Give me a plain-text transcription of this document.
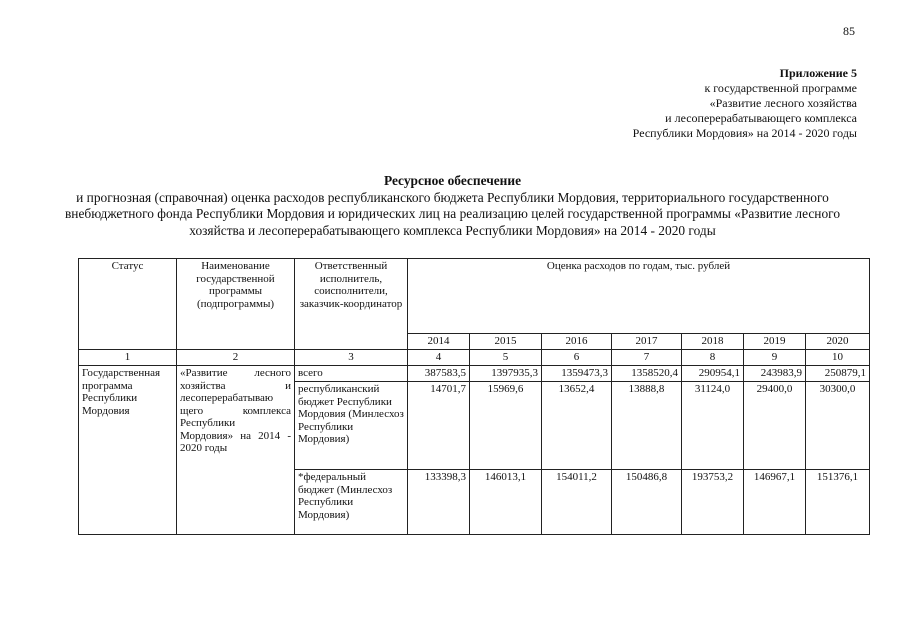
85
Приложение 5
к государственной программе
«Развитие лесного хозяйства
и лесоперерабатывающего комплекса
Республики Мордовия» на 2014 - 2020 годы
Ресурсное обеспечение
и прогнозная (справочная) оценка расходов республиканского бюджета Республики Мордовия, территориального государственного внебюджетного фонда Республики Мордовия и юридических лиц на реализацию целей государственной программы «Развитие лесного хозяйства и лесоперерабатывающего комплекса Республики Мордовия» на 2014 - 2020 годы
Статус	Наименование государственной программы (подпрограммы)	Ответственный исполнитель, соисполнители, заказчик-координатор	Оценка расходов по годам, тыс. рублей						
			2014	2015	2016	2017	2018	2019	2020
1	2	3	4	5	6	7	8	9	10
Государственная программа Республики Мордовия	«Развитие лесного хозяйства и лесоперерабатываю щего комплекса Республики Мордовия» на 2014 - 2020 годы	всего	387583,5	1397935,3	1359473,3	1358520,4	290954,1	243983,9	250879,1
		республиканский бюджет Республики Мордовия (Минлесхоз Республики Мордовия)	14701,7	15969,6	13652,4	13888,8	31124,0	29400,0	30300,0
		*федеральный бюджет (Минлесхоз Республики Мордовия)	133398,3	146013,1	154011,2	150486,8	193753,2	146967,1	151376,1
